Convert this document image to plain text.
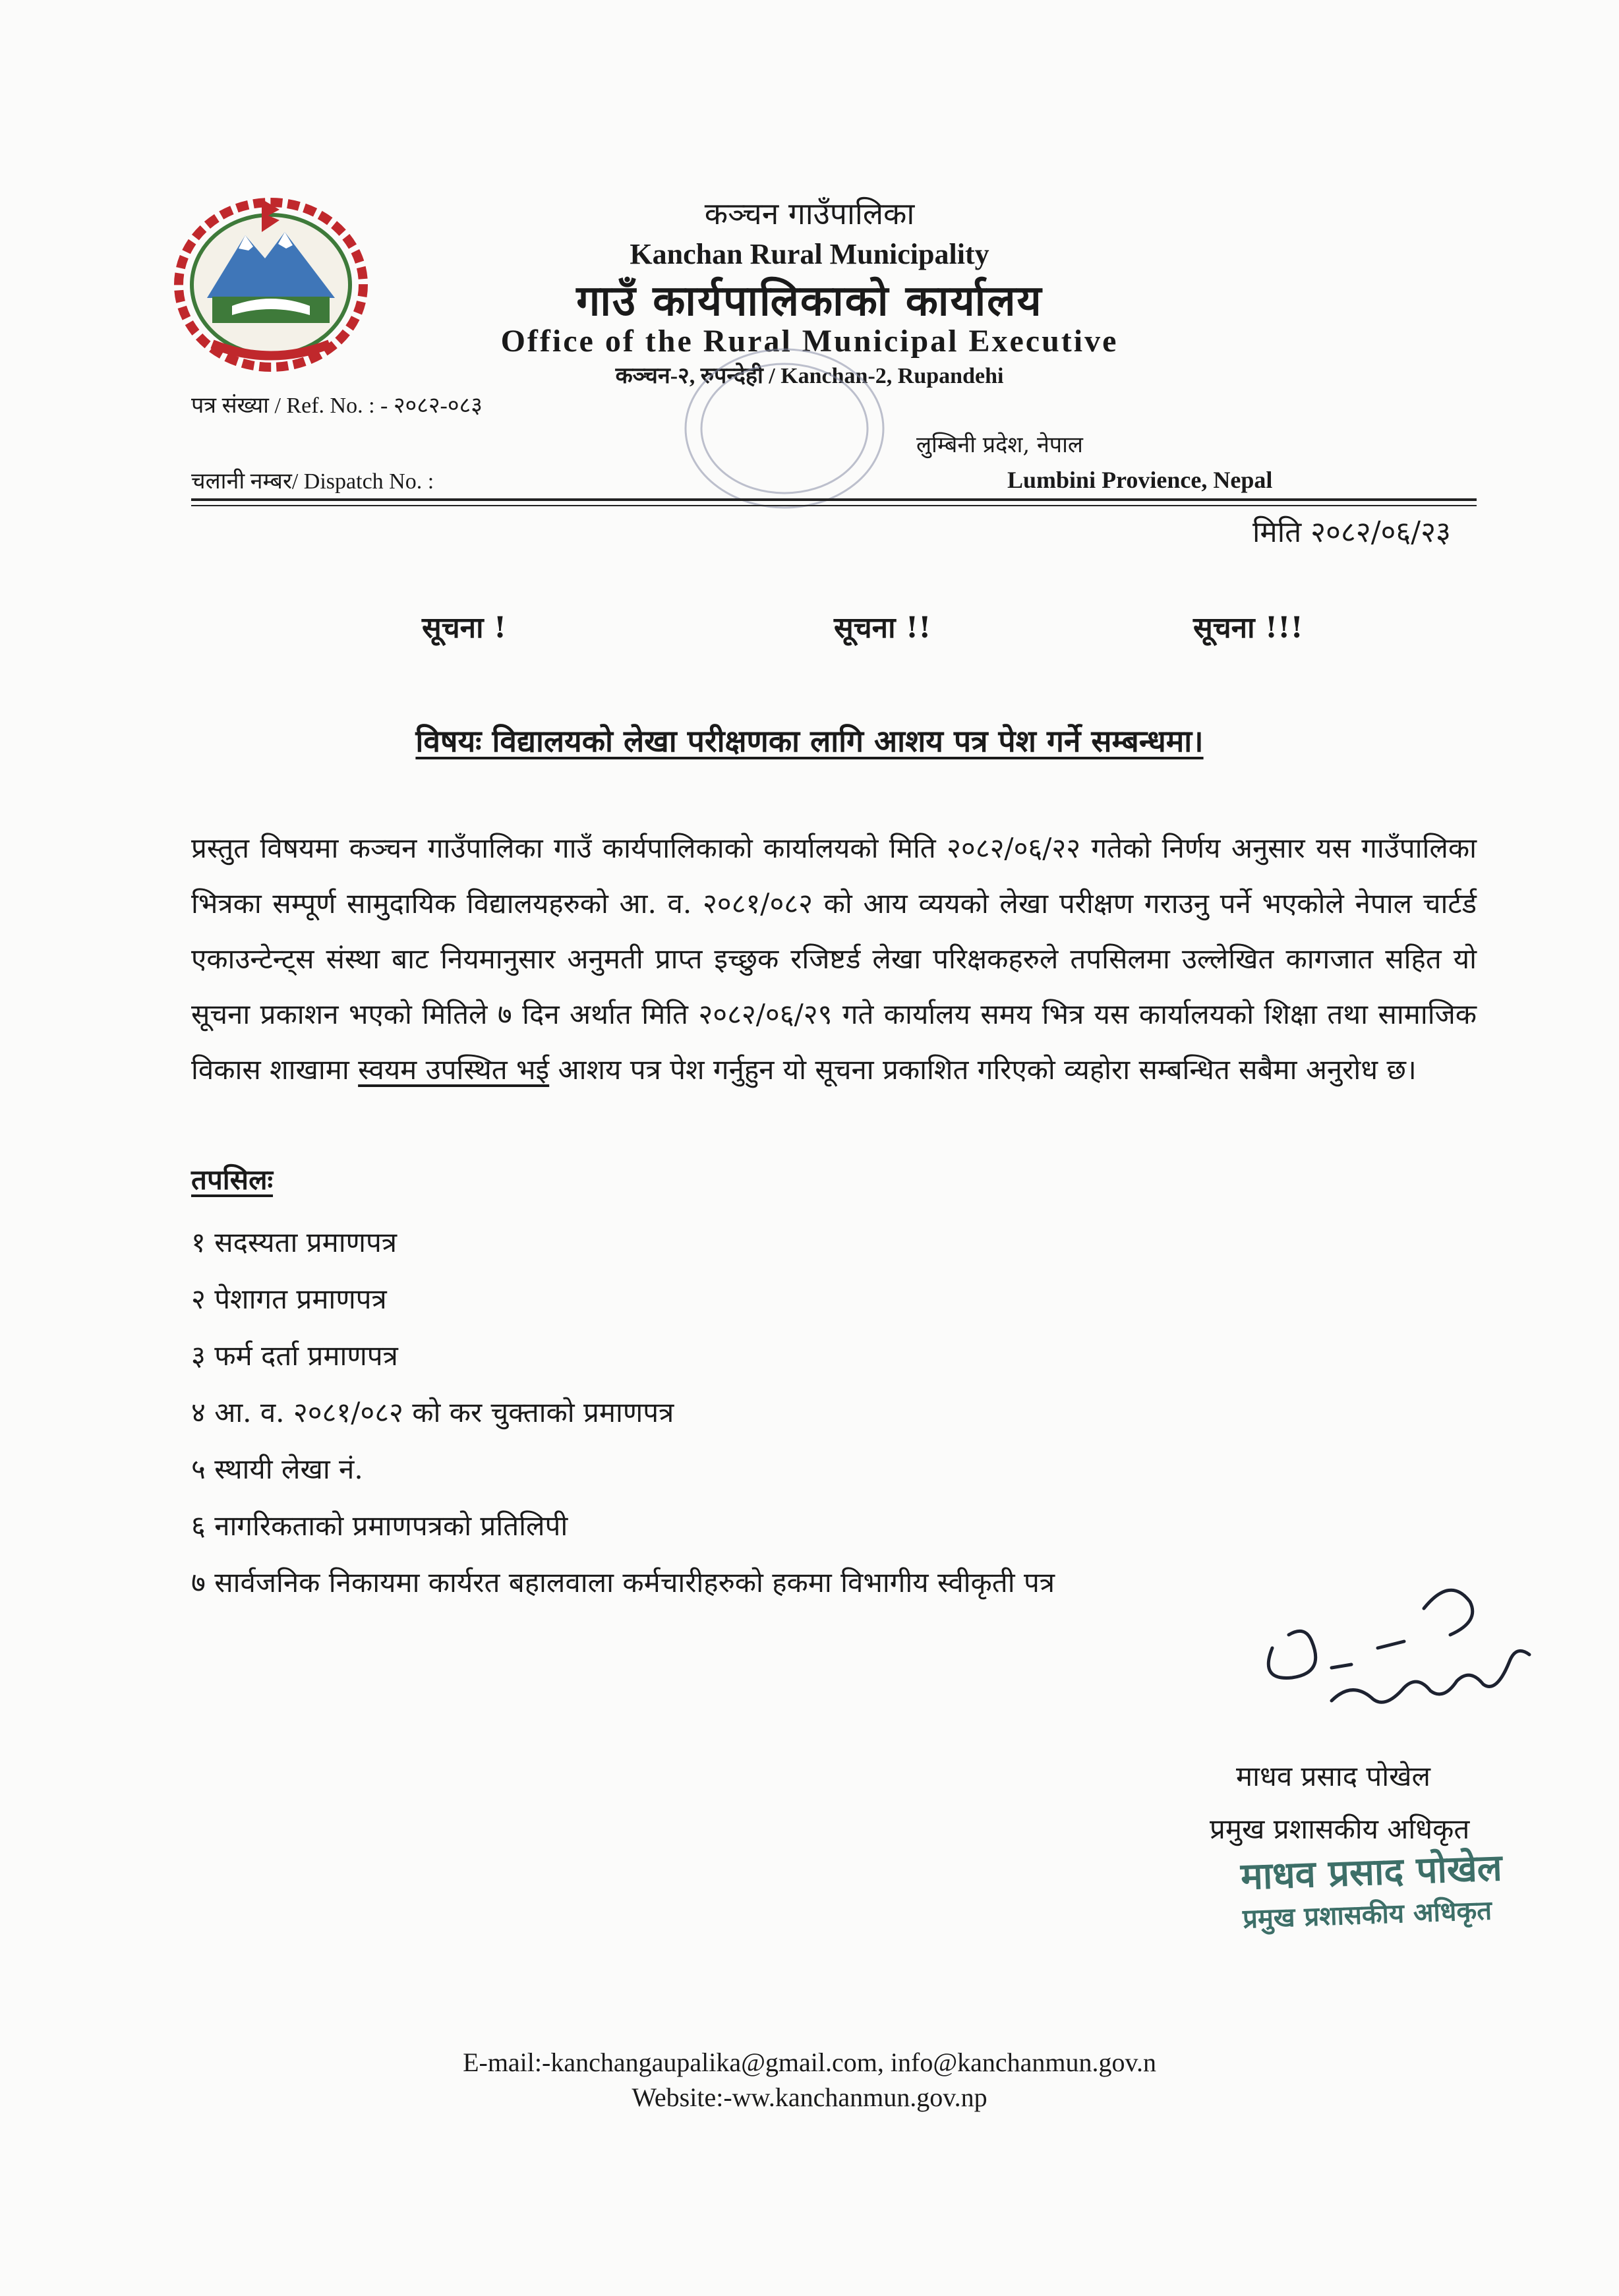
कञ्चन गाउँपालिका
Kanchan Rural Municipality
गाउँ कार्यपालिकाको कार्यालय
Office of the Rural Municipal Executive
कञ्चन-२, रुपन्देही / Kanchan-2, Rupandehi
पत्र संख्या / Ref. No. : - २०८२-०८३
लुम्बिनी प्रदेश, नेपाल
चलानी नम्बर/ Dispatch No. :	Lumbini Provience, Nepal
मिति २०८२/०६/२३
सूचना !	सूचना !!	सूचना !!!
विषयः विद्यालयको लेखा परीक्षणका लागि आशय पत्र पेश गर्ने सम्बन्धमा।
प्रस्तुत विषयमा कञ्चन गाउँपालिका गाउँ कार्यपालिकाको कार्यालयको मिति २०८२/०६/२२ गतेको निर्णय अनुसार यस गाउँपालिका भित्रका सम्पूर्ण सामुदायिक विद्यालयहरुको आ. व. २०८१/०८२ को आय व्ययको लेखा परीक्षण गराउनु पर्ने भएकोले नेपाल चार्टर्ड एकाउन्टेन्ट्स संस्था बाट नियमानुसार अनुमती प्राप्त इच्छुक रजिष्टर्ड लेखा परिक्षकहरुले तपसिलमा उल्लेखित कागजात सहित यो सूचना प्रकाशन भएको मितिले ७ दिन अर्थात मिति २०८२/०६/२९ गते कार्यालय समय भित्र यस कार्यालयको शिक्षा तथा सामाजिक विकास शाखामा स्वयम उपस्थित भई आशय पत्र पेश गर्नुहुन यो सूचना प्रकाशित गरिएको व्यहोरा सम्बन्धित सबैमा अनुरोध छ।
तपसिलः
१ सदस्यता प्रमाणपत्र
२ पेशागत प्रमाणपत्र
३ फर्म दर्ता प्रमाणपत्र
४ आ. व. २०८१/०८२ को कर चुक्ताको प्रमाणपत्र
५ स्थायी लेखा नं.
६ नागरिकताको प्रमाणपत्रको प्रतिलिपी
७ सार्वजनिक निकायमा कार्यरत बहालवाला कर्मचारीहरुको हकमा विभागीय स्वीकृती पत्र
माधव प्रसाद पोखेल
प्रमुख प्रशासकीय अधिकृत
माधव प्रसाद पोखेल
प्रमुख प्रशासकीय अधिकृत
E-mail:-kanchangaupalika@gmail.com, info@kanchanmun.gov.n
Website:-ww.kanchanmun.gov.np
